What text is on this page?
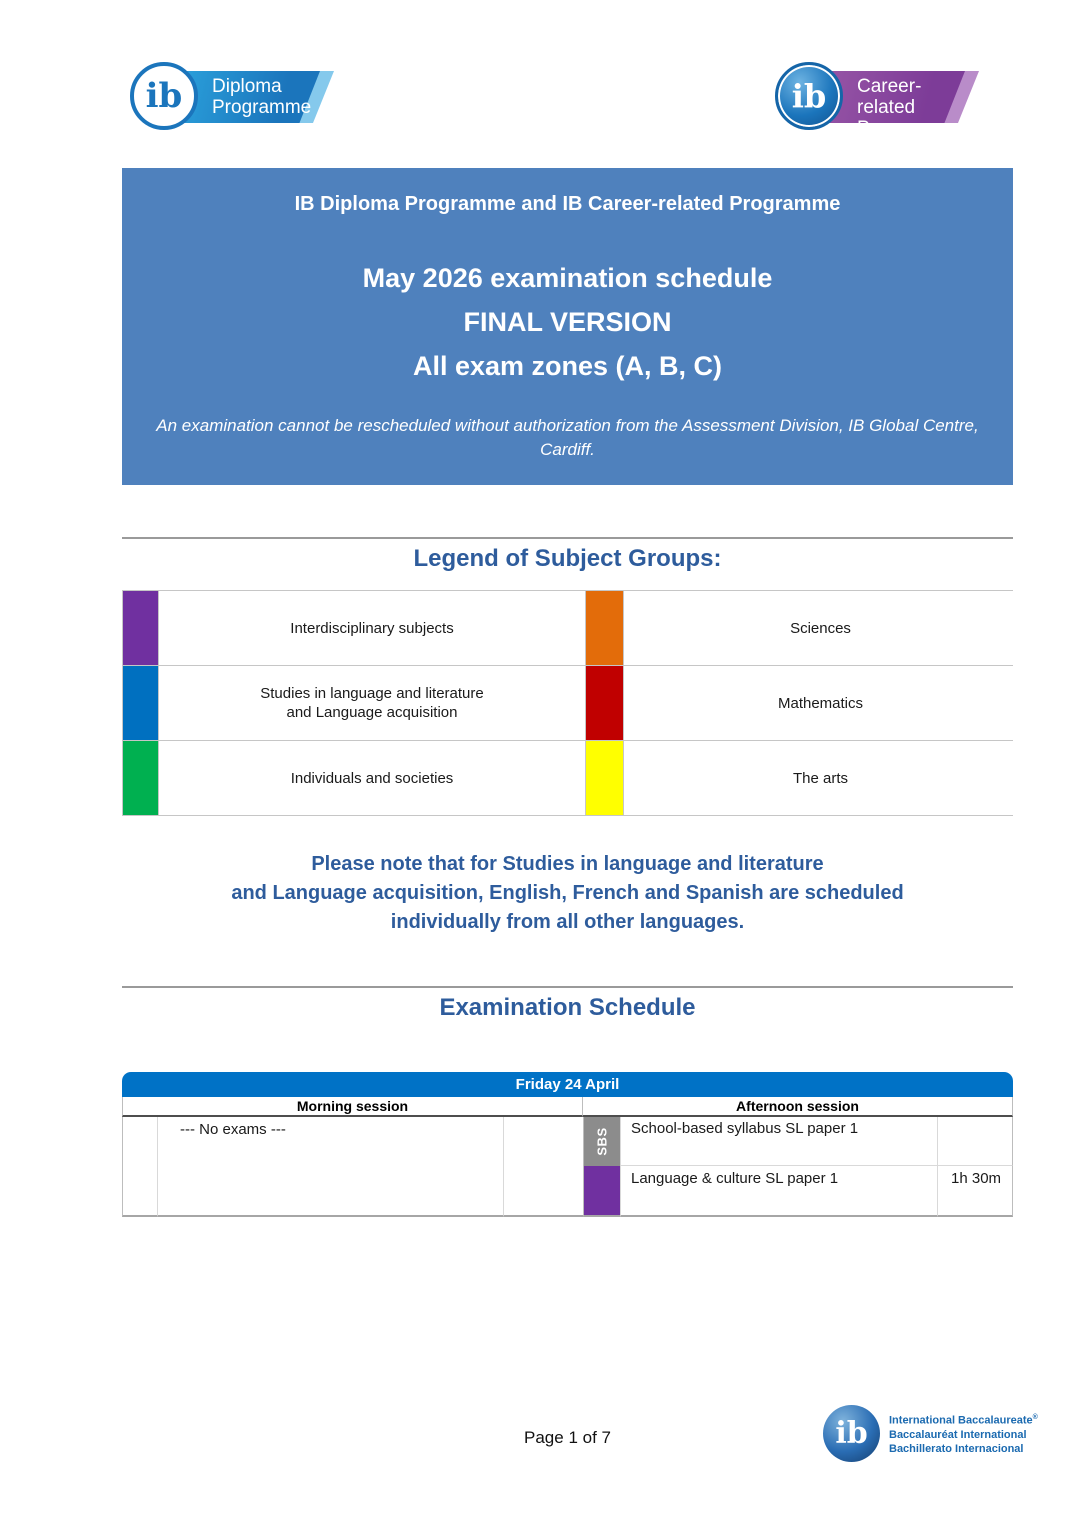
Diploma
Programme
ib	Career-related
Programme
ib
IB Diploma Programme and IB Career-related Programme
May 2026 examination schedule
FINAL VERSION
All exam zones (A, B, C)
An examination cannot be rescheduled without authorization from the Assessment Division, IB Global Centre,
Cardiff.
Legend of Subject Groups:
Interdisciplinary subjects	Sciences
Studies in language and literature
and Language acquisition
Mathematics
Individuals and societies	The arts
Please note that for Studies in language and literature
and Language acquisition, English, French and Spanish are scheduled
individually from all other languages.
Examination Schedule
Friday 24 April
Morning session	Afternoon session
--- No exams ---	SBS	School-based syllabus SL paper 1
Language & culture SL paper 1	1h 30m
Page 1 of 7	ib International Baccalaureate®
Baccalauréat International
Bachillerato Internacional
